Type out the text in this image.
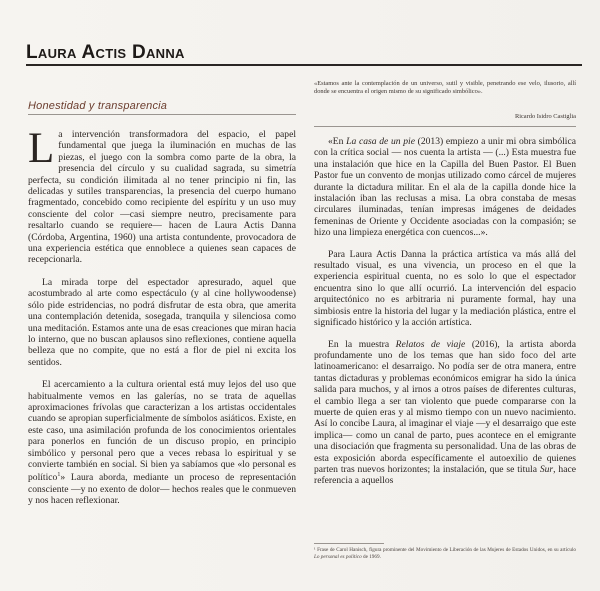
Laura Actis Danna
Honestidad y transparencia

La intervención transformadora del espacio, el papel fundamental que juega la iluminación en muchas de las piezas, el juego con la sombra como parte de la obra, la presencia del círculo y su cualidad sagrada, su simetría perfecta, su condición ilimitada al no tener principio ni fin, las delicadas y sutiles transparencias, la presencia del cuerpo humano fragmentado, concebido como recipiente del espíritu y un uso muy consciente del color —casi siempre neutro, precisamente para resaltarlo cuando se requiere— hacen de Laura Actis Danna (Córdoba, Argentina, 1960) una artista contundente, provocadora de una experiencia estética que ennoblece a quienes sean capaces de recepcionarla.

La mirada torpe del espectador apresurado, aquel que acostumbrado al arte como espectáculo (y al cine hollywoodense) sólo pide estridencias, no podrá disfrutar de esta obra, que amerita una contemplación detenida, sosegada, tranquila y silenciosa como una meditación. Estamos ante una de esas creaciones que miran hacia lo interno, que no buscan aplausos sino reflexiones, contiene aquella belleza que no compite, que no está a flor de piel ni excita los sentidos.

El acercamiento a la cultura oriental está muy lejos del uso que habitualmente vemos en las galerías, no se trata de aquellas aproximaciones frívolas que caracterizan a los artistas occidentales cuando se apropian superficialmente de símbolos asiáticos. Existe, en este caso, una asimilación profunda de los conocimientos orientales para ponerlos en función de un discuso propio, en principio simbólico y personal pero que a veces rebasa lo espiritual y se convierte también en social. Si bien ya sabíamos que «lo personal es político$^1$» Laura aborda, mediante un proceso de representación consciente —y no exento de dolor— hechos reales que le conmueven y nos hacen reflexionar.

«Estamos ante la contemplación de un universo, sutil y visible, penetrando ese velo, ilusorio, allí donde se encuentra el origen mismo de su significado simbólico».
Ricardo Isidro Castiglia

«En La casa de un pie (2013) empiezo a unir mi obra simbólica con la crítica social — nos cuenta la artista — (...) Esta muestra fue una instalación que hice en la Capilla del Buen Pastor. El Buen Pastor fue un convento de monjas utilizado como cárcel de mujeres durante la dictadura militar. En el ala de la capilla donde hice la instalación iban las reclusas a misa. La obra constaba de mesas circulares iluminadas, tenían impresas imágenes de deidades femeninas de Oriente y Occidente asociadas con la compasión; se hizo una limpieza energética con cuencos...».

Para Laura Actis Danna la práctica artística va más allá del resultado visual, es una vivencia, un proceso en el que la experiencia espiritual cuenta, no es solo lo que el espectador encuentra sino lo que allí ocurrió. La intervención del espacio arquitectónico no es arbitraria ni puramente formal, hay una simbiosis entre la historia del lugar y la mediación plástica, entre el significado histórico y la acción artística.

En la muestra Relatos de viaje (2016), la artista aborda profundamente uno de los temas que han sido foco del arte latinoamericano: el desarraigo. No podía ser de otra manera, entre tantas dictaduras y problemas económicos emigrar ha sido la única salida para muchos, y al irnos a otros países de diferentes culturas, el cambio llega a ser tan violento que puede compararse con la muerte de quien eras y al mismo tiempo con un nuevo nacimiento. Así lo concibe Laura, al imaginar el viaje —y el desarraigo que este implica— como un canal de parto, pues acontece en el emigrante una disociación que fragmenta su personalidad. Una de las obras de esta exposición aborda específicamente el autoexilio de quienes parten tras nuevos horizontes; la instalación, que se titula Sur, hace referencia a aquellos

¹ Frase de Carol Hanisch, figura prominente del Movimiento de Liberación de las Mujeres de Estados Unidos, en su artículo Lo personal es político de 1969.
